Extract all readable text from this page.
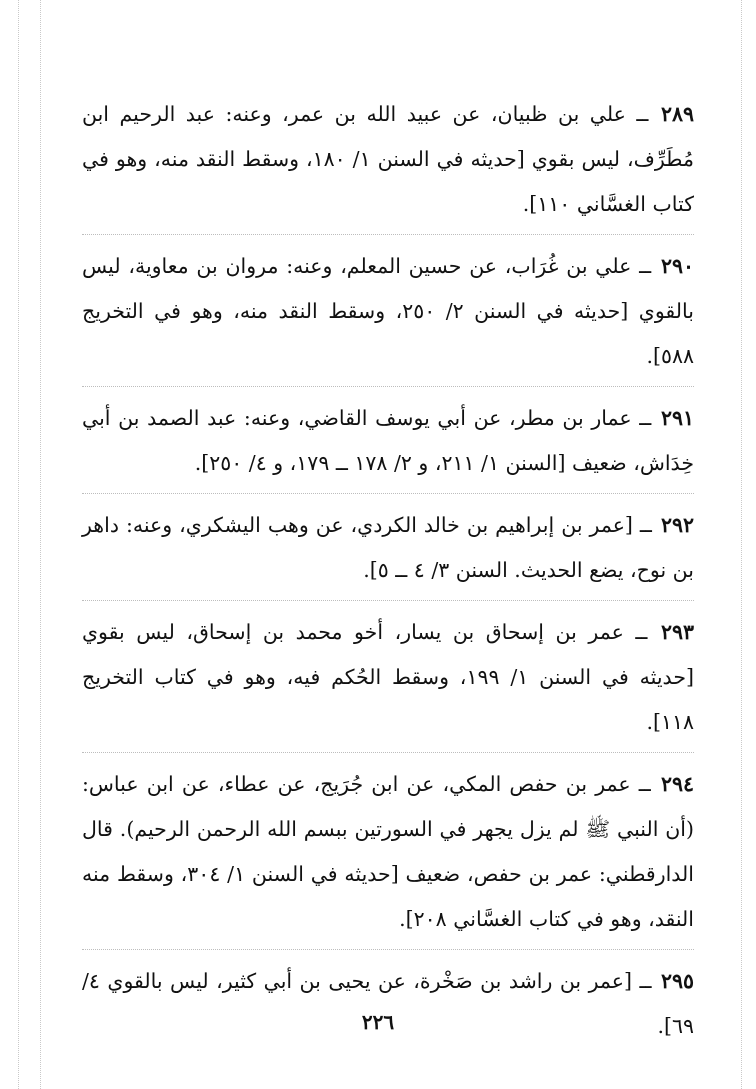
٢٨٩ ــ علي بن ظبيان، عن عبيد الله بن عمر، وعنه: عبد الرحيم ابن مُطَرِّف، ليس بقوي [حديثه في السنن ١/ ١٨٠، وسقط النقد منه، وهو في كتاب الغسَّاني ١١٠].

٢٩٠ ــ علي بن غُرَاب، عن حسين المعلم، وعنه: مروان بن معاوية، ليس بالقوي [حديثه في السنن ٢/ ٢٥٠، وسقط النقد منه، وهو في التخريج ٥٨٨].

٢٩١ ــ عمار بن مطر، عن أبي يوسف القاضي، وعنه: عبد الصمد بن أبي خِدَاش، ضعيف [السنن ١/ ٢١١، و ٢/ ١٧٨ ــ ١٧٩، و ٤/ ٢٥٠].

٢٩٢ ــ [عمر بن إبراهيم بن خالد الكردي، عن وهب اليشكري، وعنه: داهر بن نوح، يضع الحديث. السنن ٣/ ٤ ــ ٥].

٢٩٣ ــ عمر بن إسحاق بن يسار، أخو محمد بن إسحاق، ليس بقوي [حديثه في السنن ١/ ١٩٩، وسقط الحُكم فيه، وهو في كتاب التخريج ١١٨].

٢٩٤ ــ عمر بن حفص المكي، عن ابن جُرَيج، عن عطاء، عن ابن عباس: (أن النبي ﷺ لم يزل يجهر في السورتين ببسم الله الرحمن الرحيم). قال الدارقطني: عمر بن حفص، ضعيف [حديثه في السنن ١/ ٣٠٤، وسقط منه النقد، وهو في كتاب الغسَّاني ٢٠٨].

٢٩٥ ــ [عمر بن راشد بن صَخْرة، عن يحيى بن أبي كثير، ليس بالقوي ٤/ ٦٩].

٢٢٦
